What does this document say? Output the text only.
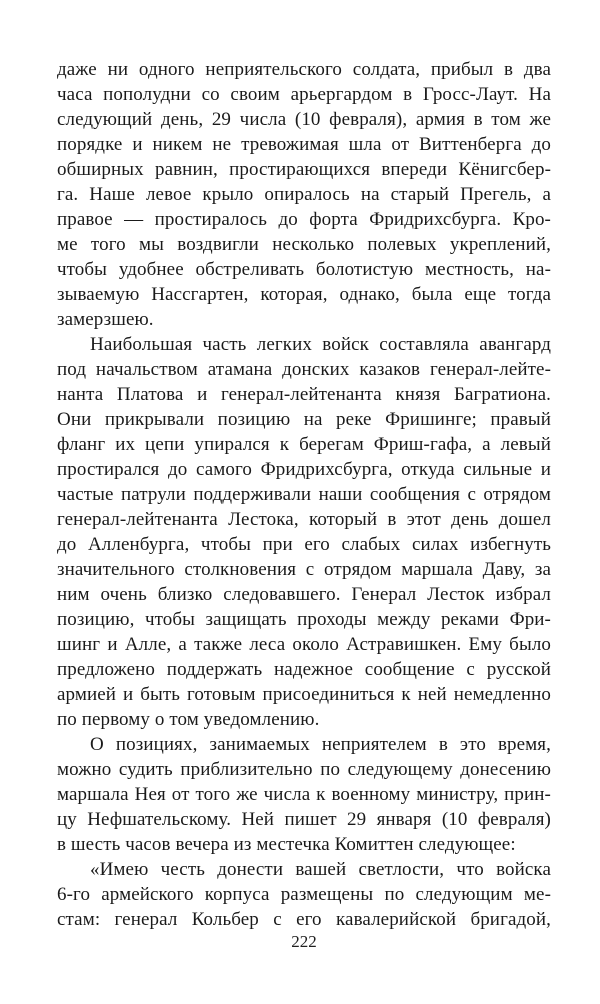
даже ни одного неприятельского солдата, прибыл в два
часа пополудни со своим арьергардом в Гросс-Лаут. На
следующий день, 29 числа (10 февраля), армия в том же
порядке и никем не тревожимая шла от Виттенберга до
обширных равнин, простирающихся впереди Кёнигсбер-
га. Наше левое крыло опиралось на старый Прегель, а
правое — простиралось до форта Фридрихсбурга. Кро-
ме того мы воздвигли несколько полевых укреплений,
чтобы удобнее обстреливать болотистую местность, на-
зываемую Нассгартен, которая, однако, была еще тогда
замерзшею.
Наибольшая часть легких войск составляла авангард
под начальством атамана донских казаков генерал-лейте-
нанта Платова и генерал-лейтенанта князя Багратиона.
Они прикрывали позицию на реке Фришинге; правый
фланг их цепи упирался к берегам Фриш-гафа, а левый
простирался до самого Фридрихсбурга, откуда сильные и
частые патрули поддерживали наши сообщения с отрядом
генерал-лейтенанта Лестока, который в этот день дошел
до Алленбурга, чтобы при его слабых силах избегнуть
значительного столкновения с отрядом маршала Даву, за
ним очень близко следовавшего. Генерал Лесток избрал
позицию, чтобы защищать проходы между реками Фри-
шинг и Алле, а также леса около Астравишкен. Ему было
предложено поддержать надежное сообщение с русской
армией и быть готовым присоединиться к ней немедленно
по первому о том уведомлению.
О позициях, занимаемых неприятелем в это время,
можно судить приблизительно по следующему донесению
маршала Нея от того же числа к военному министру, прин-
цу Нефшательскому. Ней пишет 29 января (10 февраля)
в шесть часов вечера из местечка Комиттен следующее:
«Имею честь донести вашей светлости, что войска
6-го армейского корпуса размещены по следующим ме-
стам: генерал Кольбер с его кавалерийской бригадой,
222
